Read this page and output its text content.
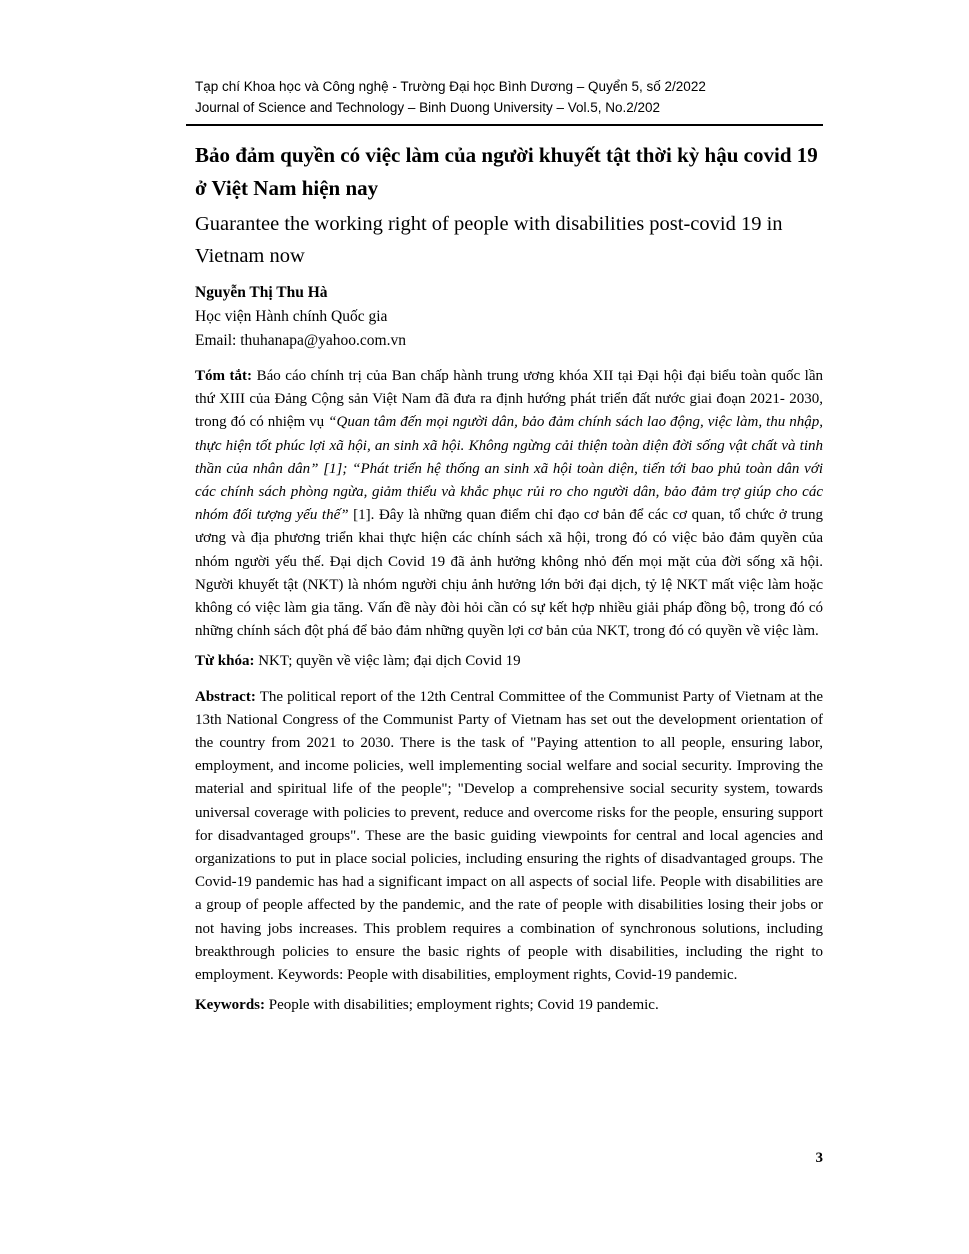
Tạp chí Khoa học và Công nghệ - Trường Đại học Bình Dương – Quyển 5, số 2/2022
Journal of Science and Technology – Binh Duong University – Vol.5, No.2/202
Bảo đảm quyền có việc làm của người khuyết tật thời kỳ hậu covid 19 ở Việt Nam hiện nay
Guarantee the working right of people with disabilities post-covid 19 in Vietnam now
Nguyễn Thị Thu Hà
Học viện Hành chính Quốc gia
Email: thuhanapa@yahoo.com.vn

Tóm tắt: Báo cáo chính trị của Ban chấp hành trung ương khóa XII tại Đại hội đại biểu toàn quốc lần thứ XIII của Đảng Cộng sản Việt Nam đã đưa ra định hướng phát triển đất nước giai đoạn 2021- 2030, trong đó có nhiệm vụ “Quan tâm đến mọi người dân, bảo đảm chính sách lao động, việc làm, thu nhập, thực hiện tốt phúc lợi xã hội, an sinh xã hội. Không ngừng cải thiện toàn diện đời sống vật chất và tinh thần của nhân dân” [1]; “Phát triển hệ thống an sinh xã hội toàn diện, tiến tới bao phủ toàn dân với các chính sách phòng ngừa, giảm thiểu và khắc phục rủi ro cho người dân, bảo đảm trợ giúp cho các nhóm đối tượng yếu thế” [1]. Đây là những quan điểm chỉ đạo cơ bản để các cơ quan, tổ chức ở trung ương và địa phương triển khai thực hiện các chính sách xã hội, trong đó có việc bảo đảm quyền của nhóm người yếu thế. Đại dịch Covid 19 đã ảnh hưởng không nhỏ đến mọi mặt của đời sống xã hội. Người khuyết tật (NKT) là nhóm người chịu ảnh hưởng lớn bởi đại dịch, tỷ lệ NKT mất việc làm hoặc không có việc làm gia tăng. Vấn đề này đòi hỏi cần có sự kết hợp nhiều giải pháp đồng bộ, trong đó có những chính sách đột phá để bảo đảm những quyền lợi cơ bản của NKT, trong đó có quyền về việc làm.

Từ khóa: NKT; quyền về việc làm; đại dịch Covid 19

Abstract: The political report of the 12th Central Committee of the Communist Party of Vietnam at the 13th National Congress of the Communist Party of Vietnam has set out the development orientation of the country from 2021 to 2030. There is the task of "Paying attention to all people, ensuring labor, employment, and income policies, well implementing social welfare and social security. Improving the material and spiritual life of the people"; "Develop a comprehensive social security system, towards universal coverage with policies to prevent, reduce and overcome risks for the people, ensuring support for disadvantaged groups". These are the basic guiding viewpoints for central and local agencies and organizations to put in place social policies, including ensuring the rights of disadvantaged groups. The Covid-19 pandemic has had a significant impact on all aspects of social life. People with disabilities are a group of people affected by the pandemic, and the rate of people with disabilities losing their jobs or not having jobs increases. This problem requires a combination of synchronous solutions, including breakthrough policies to ensure the basic rights of people with disabilities, including the right to employment. Keywords: People with disabilities, employment rights, Covid-19 pandemic.

Keywords: People with disabilities; employment rights; Covid 19 pandemic.

3
